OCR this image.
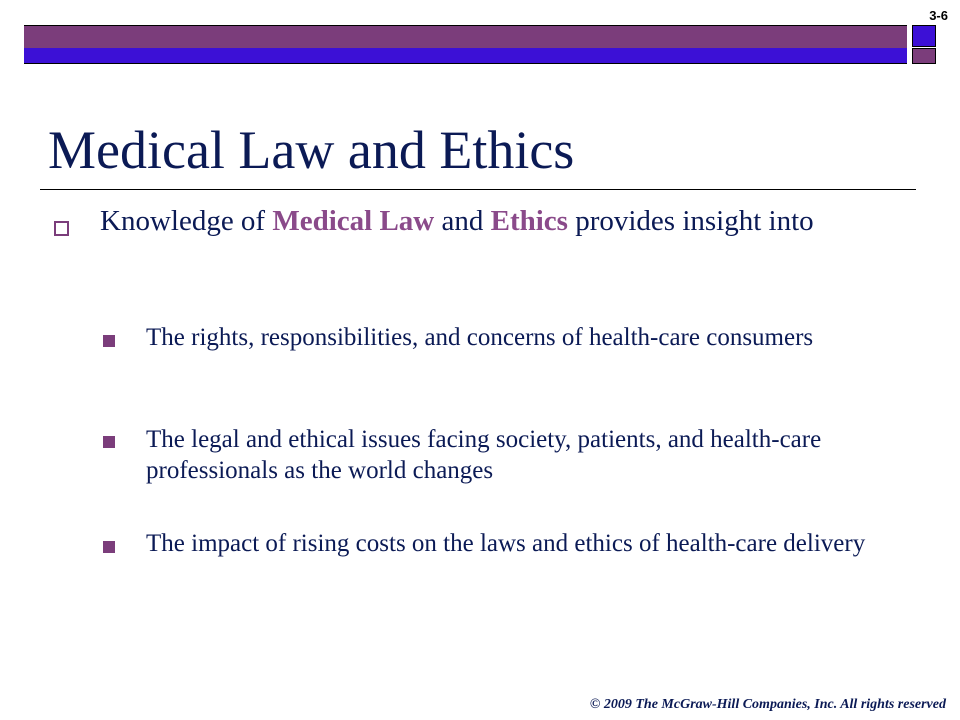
3-6
Medical Law and Ethics
Knowledge of Medical Law and Ethics provides insight into
The rights, responsibilities, and concerns of health-care consumers
The legal and ethical issues facing society, patients, and health-care professionals as the world changes
The impact of rising costs on the laws and ethics of health-care delivery
© 2009 The McGraw-Hill Companies, Inc. All rights reserved
